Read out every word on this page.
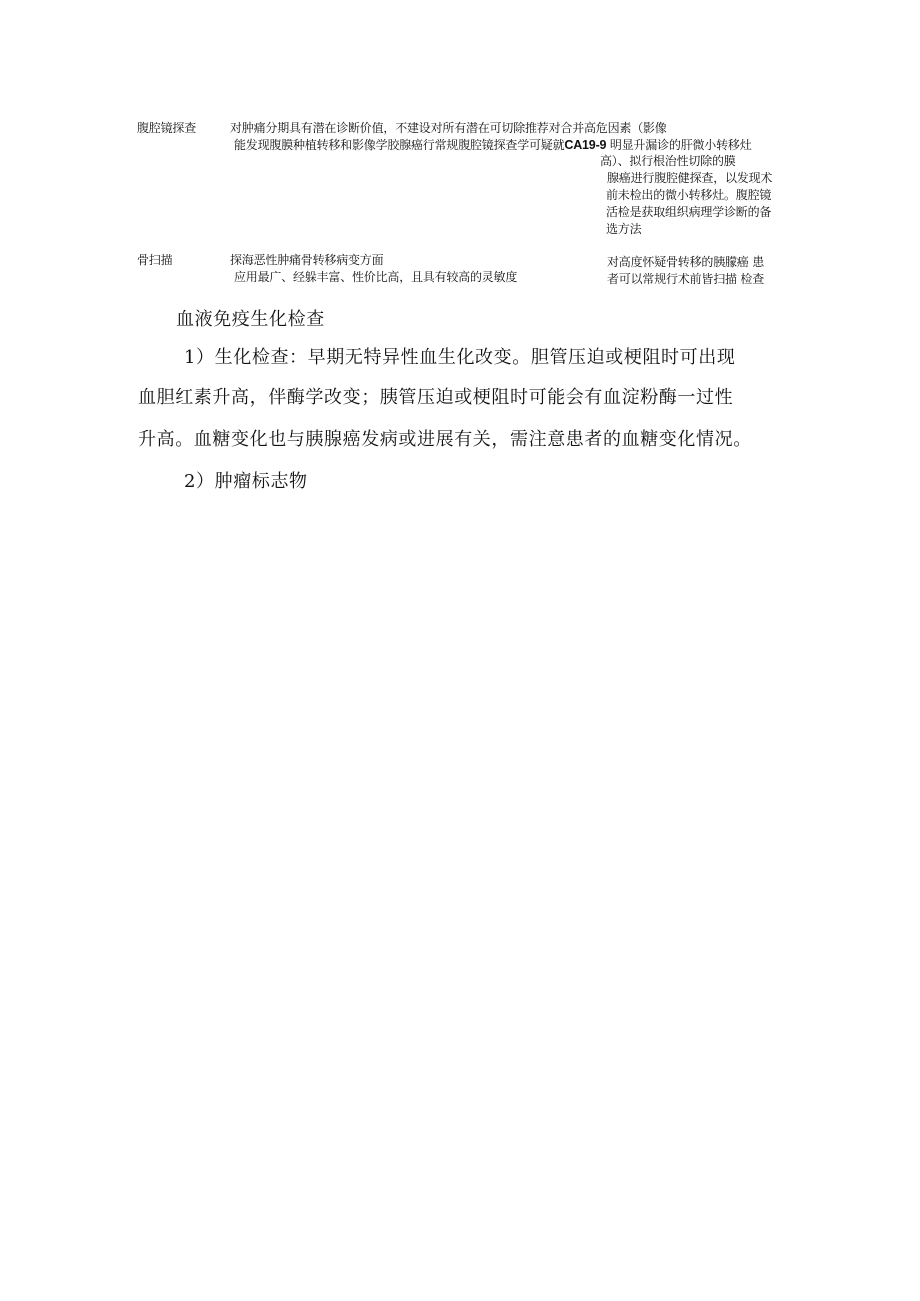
腹腔镜探查	对肿痛分期具有潜在诊断价值，不建设对所有潜在可切除推荐对合并高危因素（影像
能发现腹膜种植转移和影像学胶腺癌行常规腹腔镜探查学可疑就CA19-9 明显升漏诊的肝微小转移灶
高）、拟行根治性切除的膜
腺癌进行腹腔健探查，以发现术
前未检出的微小转移灶。腹腔镜
活检是获取组织病理学诊断的备
选方法
骨扫描	探海恶性肿痛骨转移病变方面
应用最广、经躲丰富、性价比高，且具有较高的灵敏度
对高度怀疑骨转移的胰朦癌 患
者可以常规行术前皆扫描 检查
血液免疫生化检查
1）生化检查：早期无特异性血生化改变。胆管压迫或梗阻时可出现
血胆红素升高，伴酶学改变；胰管压迫或梗阻时可能会有血淀粉酶一过性
升高。血糖变化也与胰腺癌发病或进展有关，需注意患者的血糖变化情况。
2）肿瘤标志物
